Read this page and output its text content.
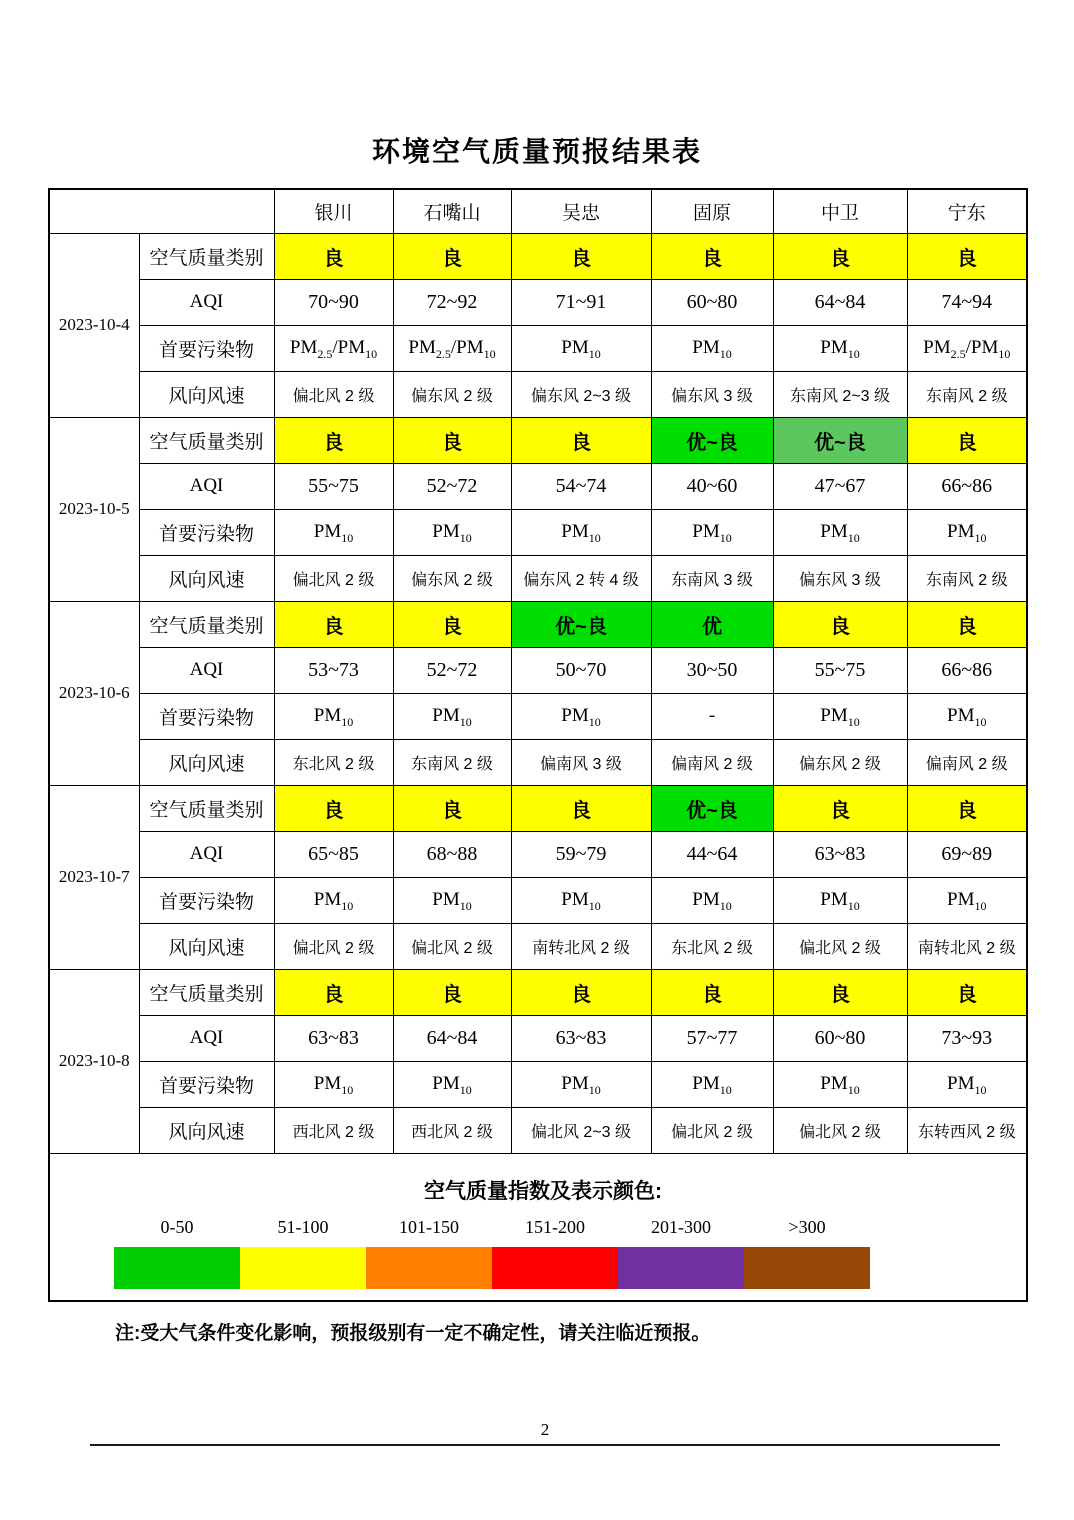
环境空气质量预报结果表
		银川	石嘴山	吴忠	固原	中卫	宁东
2023-10-4	空气质量类别	良	良	良	良	良	良
	AQI	70~90	72~92	71~91	60~80	64~84	74~94
	首要污染物	$PM_{2.5}/PM_{10}$	$PM_{2.5}/PM_{10}$	$PM_{10}$	$PM_{10}$	$PM_{10}$	$PM_{2.5}/PM_{10}$
	风向风速	偏北风 2 级	偏东风 2 级	偏东风 2~3 级	偏东风 3 级	东南风 2~3 级	东南风 2 级
2023-10-5	空气质量类别	良	良	良	优~良	优~良	良
	AQI	55~75	52~72	54~74	40~60	47~67	66~86
	首要污染物	$PM_{10}$	$PM_{10}$	$PM_{10}$	$PM_{10}$	$PM_{10}$	$PM_{10}$
	风向风速	偏北风 2 级	偏东风 2 级	偏东风 2 转 4 级	东南风 3 级	偏东风 3 级	东南风 2 级
2023-10-6	空气质量类别	良	良	优~良	优	良	良
	AQI	53~73	52~72	50~70	30~50	55~75	66~86
	首要污染物	$PM_{10}$	$PM_{10}$	$PM_{10}$	-	$PM_{10}$	$PM_{10}$
	风向风速	东北风 2 级	东南风 2 级	偏南风 3 级	偏南风 2 级	偏东风 2 级	偏南风 2 级
2023-10-7	空气质量类别	良	良	良	优~良	良	良
	AQI	65~85	68~88	59~79	44~64	63~83	69~89
	首要污染物	$PM_{10}$	$PM_{10}$	$PM_{10}$	$PM_{10}$	$PM_{10}$	$PM_{10}$
	风向风速	偏北风 2 级	偏北风 2 级	南转北风 2 级	东北风 2 级	偏北风 2 级	南转北风 2 级
2023-10-8	空气质量类别	良	良	良	良	良	良
	AQI	63~83	64~84	63~83	57~77	60~80	73~93
	首要污染物	$PM_{10}$	$PM_{10}$	$PM_{10}$	$PM_{10}$	$PM_{10}$	$PM_{10}$
	风向风速	西北风 2 级	西北风 2 级	偏北风 2~3 级	偏北风 2 级	偏北风 2 级	东转西风 2 级

空气质量指数及表示颜色:
0-50	51-100	101-150	151-200	201-300	>300
注:受大气条件变化影响，预报级别有一定不确定性，请关注临近预报。
2
